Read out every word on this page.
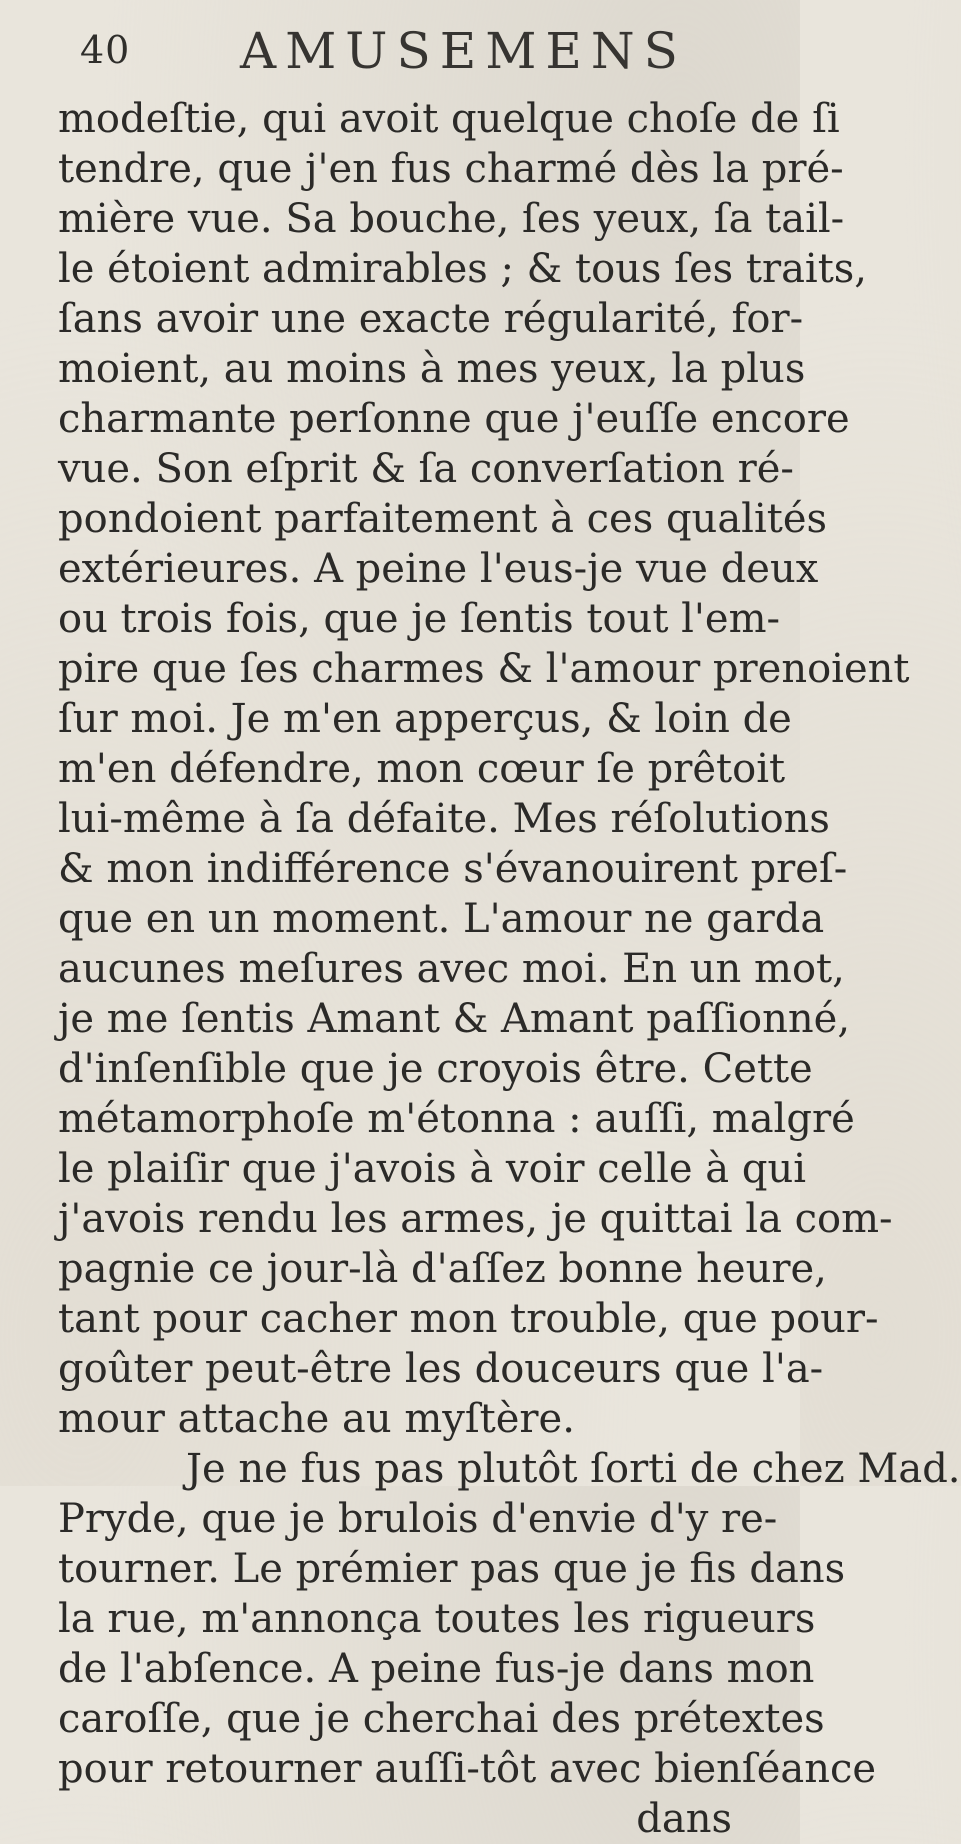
40 AMUSEMENS
modeſtie, qui avoit quelque choſe de ſi
tendre, que j'en fus charmé dès la pré-
mière vue. Sa bouche, ſes yeux, ſa tail-
le étoient admirables ; & tous ſes traits,
ſans avoir une exacte régularité, for-
moient, au moins à mes yeux, la plus
charmante perſonne que j'euſſe encore
vue. Son eſprit & ſa converſation ré-
pondoient parfaitement à ces qualités
extérieures. A peine l'eus-je vue deux
ou trois fois, que je ſentis tout l'em-
pire que ſes charmes & l'amour prenoient
ſur moi. Je m'en apperçus, & loin de
m'en défendre, mon cœur ſe prêtoit
lui-même à ſa défaite. Mes réſolutions
& mon indifférence s'évanouirent preſ-
que en un moment. L'amour ne garda
aucunes meſures avec moi. En un mot,
je me ſentis Amant & Amant paſſionné,
d'inſenſible que je croyois être. Cette
métamorphoſe m'étonna : auſſi, malgré
le plaiſir que j'avois à voir celle à qui
j'avois rendu les armes, je quittai la com-
pagnie ce jour-là d'aſſez bonne heure,
tant pour cacher mon trouble, que pour-
goûter peut-être les douceurs que l'a-
mour attache au myſtère.
Je ne fus pas plutôt ſorti de chez Mad.
Pryde, que je brulois d'envie d'y re-
tourner. Le prémier pas que je fis dans
la rue, m'annonça toutes les rigueurs
de l'abſence. A peine fus-je dans mon
caroſſe, que je cherchai des prétextes
pour retourner auſſi-tôt avec bienſéance
dans
